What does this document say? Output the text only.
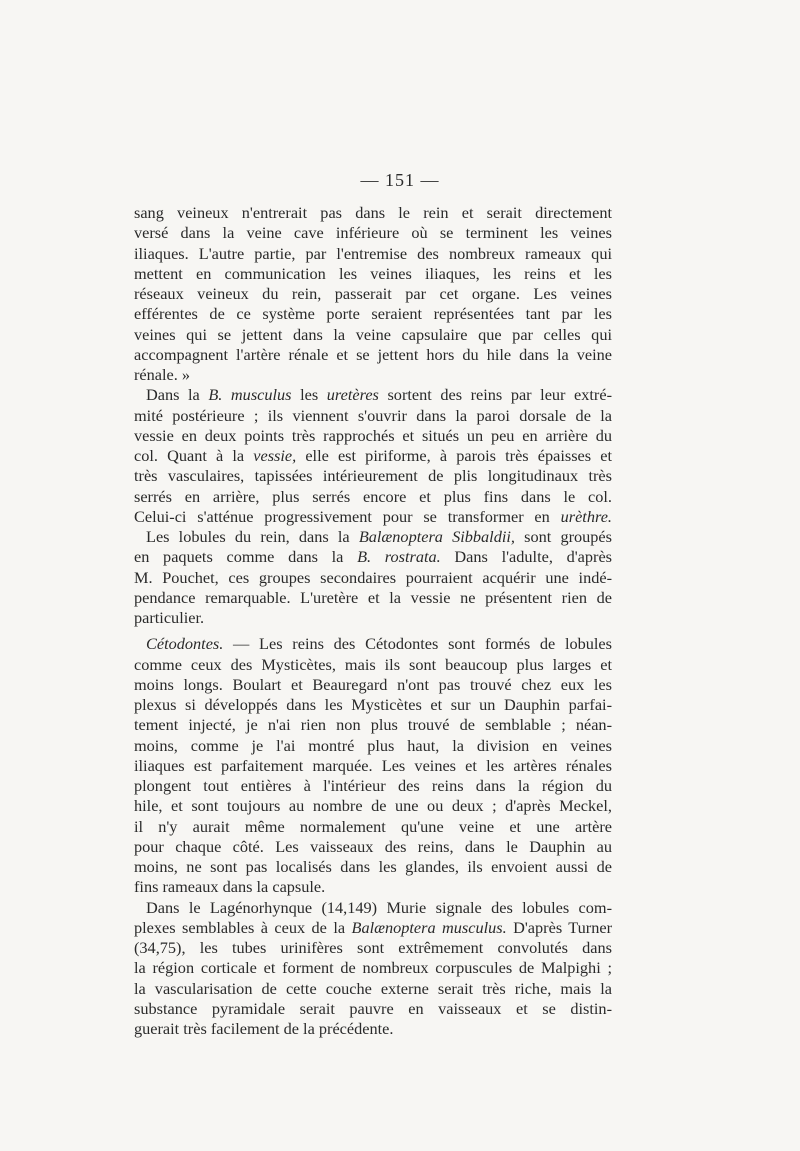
— 151 —

sang veineux n'entrerait pas dans le rein et serait directement

versé dans la veine cave inférieure où se terminent les veines

iliaques. L'autre partie, par l'entremise des nombreux rameaux qui

mettent en communication les veines iliaques, les reins et les

réseaux veineux du rein, passerait par cet organe. Les veines

efférentes de ce système porte seraient représentées tant par les

veines qui se jettent dans la veine capsulaire que par celles qui

accompagnent l'artère rénale et se jettent hors du hile dans la veine

rénale. »

Dans la B. musculus les uretères sortent des reins par leur extré-

mité postérieure ; ils viennent s'ouvrir dans la paroi dorsale de la

vessie en deux points très rapprochés et situés un peu en arrière du

col. Quant à la vessie, elle est piriforme, à parois très épaisses et

très vasculaires, tapissées intérieurement de plis longitudinaux très

serrés en arrière, plus serrés encore et plus fins dans le col.

Celui-ci s'atténue progressivement pour se transformer en urèthre.

Les lobules du rein, dans la Balænoptera Sibbaldii, sont groupés

en paquets comme dans la B. rostrata. Dans l'adulte, d'après

M. Pouchet, ces groupes secondaires pourraient acquérir une indé-

pendance remarquable. L'uretère et la vessie ne présentent rien de

particulier.

Cétodontes. — Les reins des Cétodontes sont formés de lobules

comme ceux des Mysticètes, mais ils sont beaucoup plus larges et

moins longs. Boulart et Beauregard n'ont pas trouvé chez eux les

plexus si développés dans les Mysticètes et sur un Dauphin parfai-

tement injecté, je n'ai rien non plus trouvé de semblable ; néan-

moins, comme je l'ai montré plus haut, la division en veines

iliaques est parfaitement marquée. Les veines et les artères rénales

plongent tout entières à l'intérieur des reins dans la région du

hile, et sont toujours au nombre de une ou deux ; d'après Meckel,

il n'y aurait même normalement qu'une veine et une artère

pour chaque côté. Les vaisseaux des reins, dans le Dauphin au

moins, ne sont pas localisés dans les glandes, ils envoient aussi de

fins rameaux dans la capsule.

Dans le Lagénorhynque (14,149) Murie signale des lobules com-

plexes semblables à ceux de la Balænoptera musculus. D'après Turner

(34,75), les tubes urinifères sont extrêmement convolutés dans

la région corticale et forment de nombreux corpuscules de Malpighi ;

la vascularisation de cette couche externe serait très riche, mais la

substance pyramidale serait pauvre en vaisseaux et se distin-

guerait très facilement de la précédente.
